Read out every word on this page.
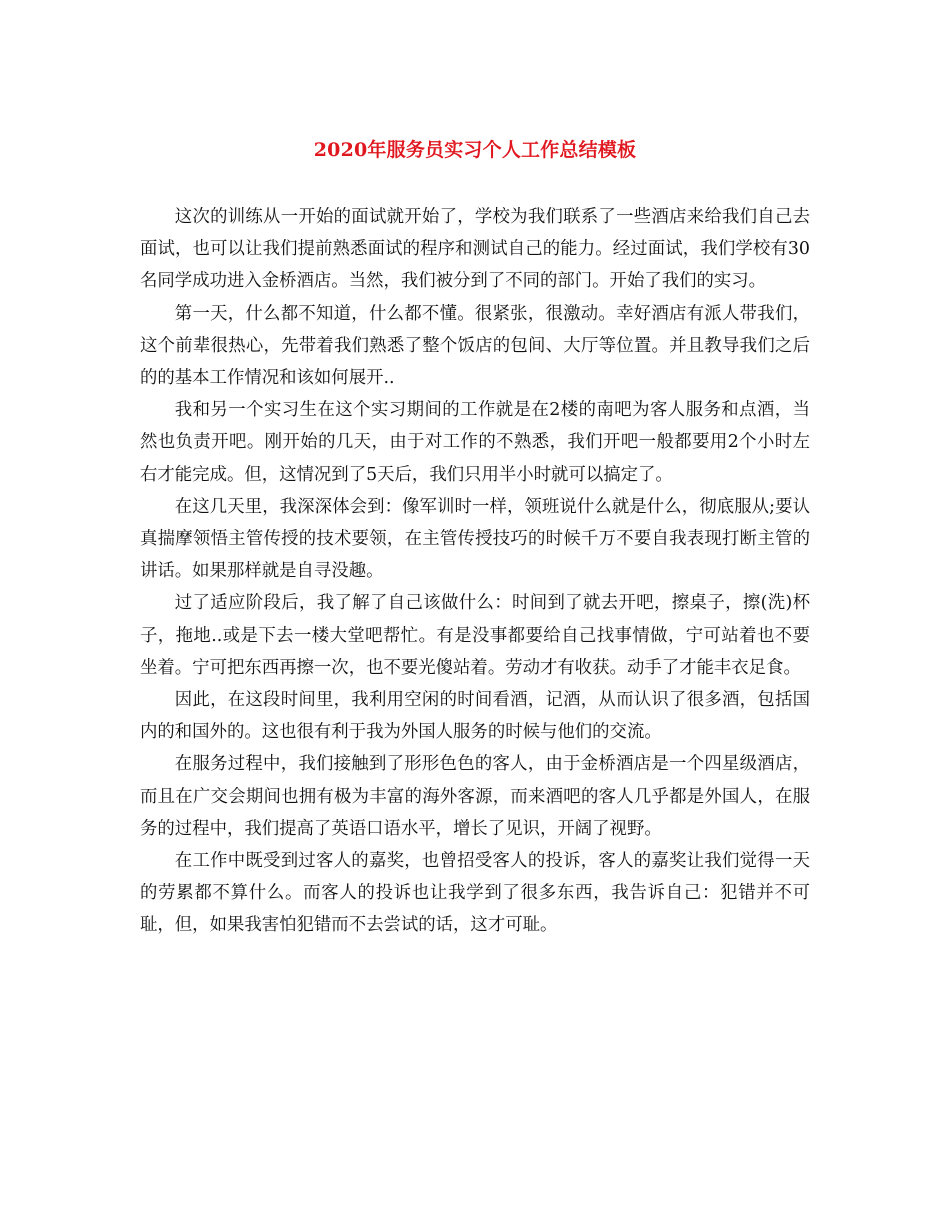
2020年服务员实习个人工作总结模板

这次的训练从一开始的面试就开始了，学校为我们联系了一些酒店来给我们自己去面试，也可以让我们提前熟悉面试的程序和测试自己的能力。经过面试，我们学校有30名同学成功进入金桥酒店。当然，我们被分到了不同的部门。开始了我们的实习。

第一天，什么都不知道，什么都不懂。很紧张，很激动。幸好酒店有派人带我们，这个前辈很热心，先带着我们熟悉了整个饭店的包间、大厅等位置。并且教导我们之后的的基本工作情况和该如何展开..

我和另一个实习生在这个实习期间的工作就是在2楼的南吧为客人服务和点酒，当然也负责开吧。刚开始的几天，由于对工作的不熟悉，我们开吧一般都要用2个小时左右才能完成。但，这情况到了5天后，我们只用半小时就可以搞定了。

在这几天里，我深深体会到：像军训时一样，领班说什么就是什么，彻底服从;要认真揣摩领悟主管传授的技术要领，在主管传授技巧的时候千万不要自我表现打断主管的讲话。如果那样就是自寻没趣。

过了适应阶段后，我了解了自己该做什么：时间到了就去开吧，擦桌子，擦(洗)杯子，拖地..或是下去一楼大堂吧帮忙。有是没事都要给自己找事情做，宁可站着也不要坐着。宁可把东西再擦一次，也不要光傻站着。劳动才有收获。动手了才能丰衣足食。

因此，在这段时间里，我利用空闲的时间看酒，记酒，从而认识了很多酒，包括国内的和国外的。这也很有利于我为外国人服务的时候与他们的交流。

在服务过程中，我们接触到了形形色色的客人，由于金桥酒店是一个四星级酒店，而且在广交会期间也拥有极为丰富的海外客源，而来酒吧的客人几乎都是外国人，在服务的过程中，我们提高了英语口语水平，增长了见识，开阔了视野。

在工作中既受到过客人的嘉奖，也曾招受客人的投诉，客人的嘉奖让我们觉得一天的劳累都不算什么。而客人的投诉也让我学到了很多东西，我告诉自己：犯错并不可耻，但，如果我害怕犯错而不去尝试的话，这才可耻。
